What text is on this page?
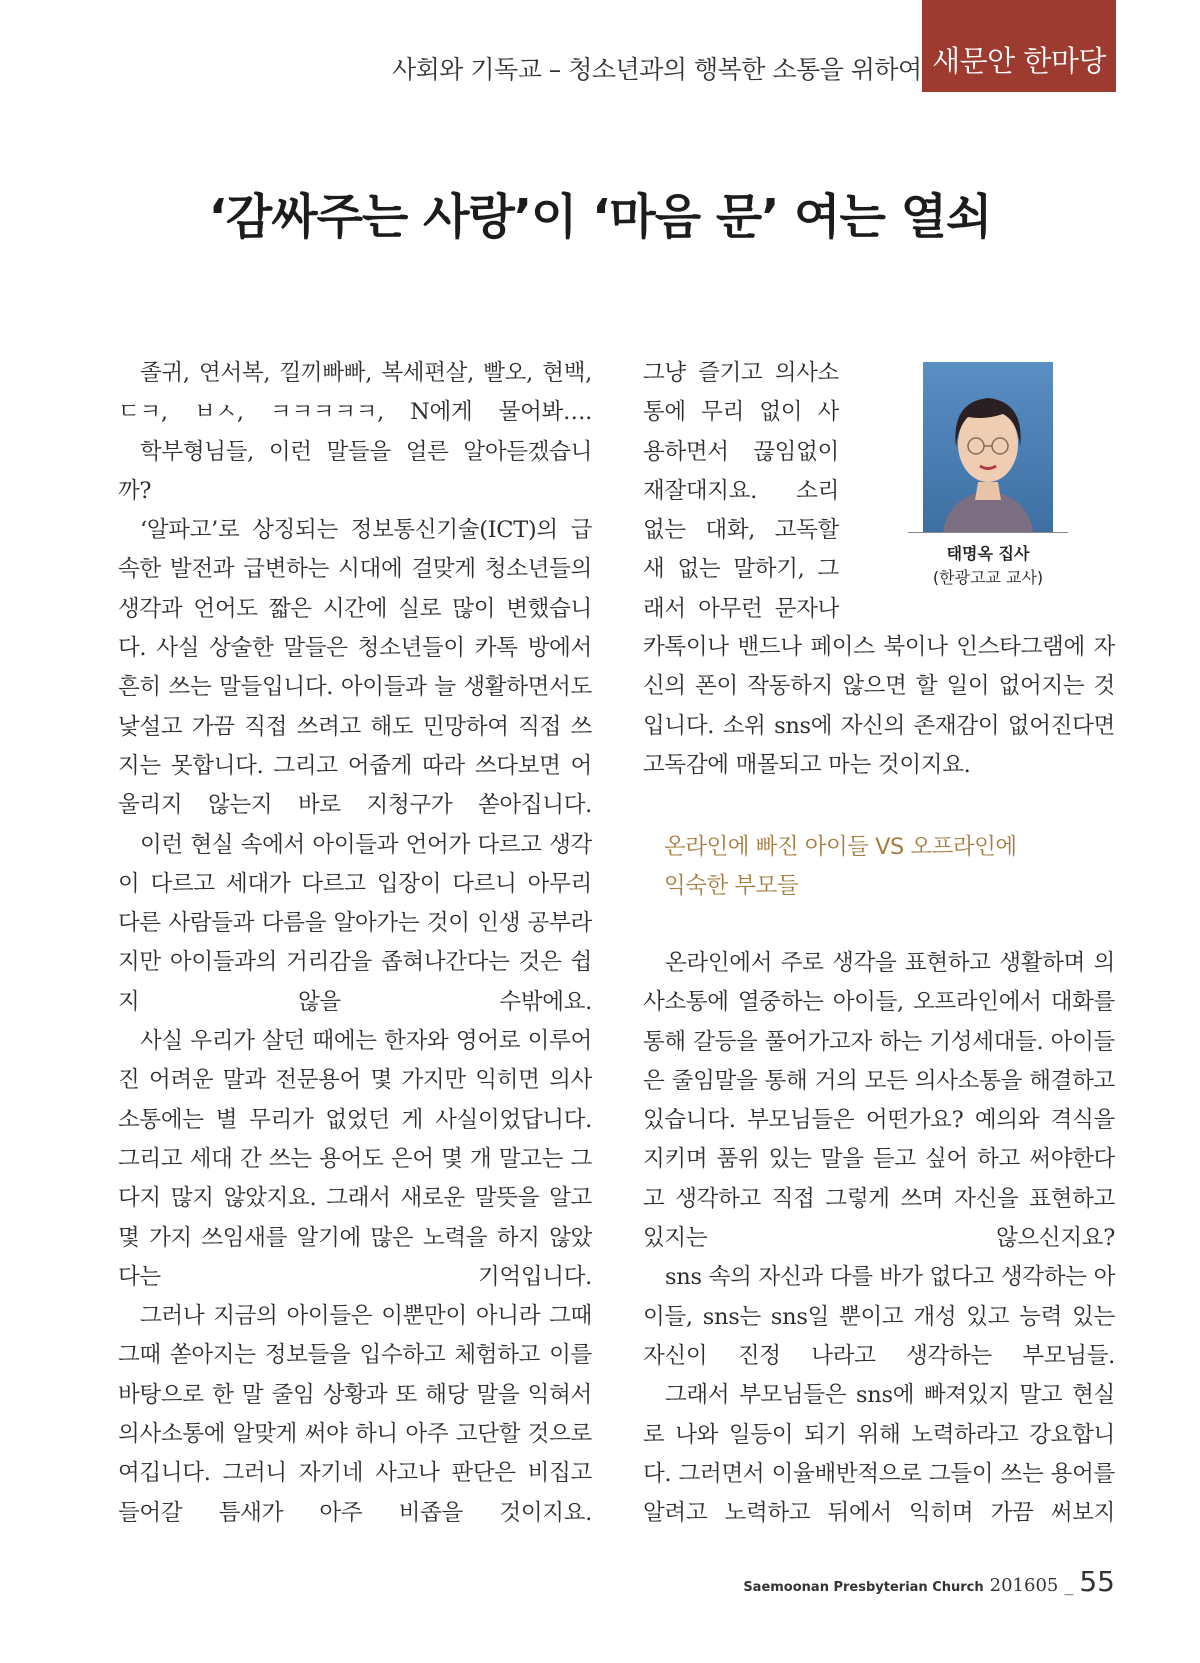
사회와 기독교 – 청소년과의 행복한 소통을 위하여 새문안 한마당
‘감싸주는 사랑’이 ‘마음 문’ 여는 열쇠

졸귀, 연서복, 낄끼빠빠, 복세편살, 빨오, 현백, ㄷㅋ, ㅂㅅ, ㅋㅋㅋㅋㅋ, N에게 물어봐….

학부형님들, 이런 말들을 얼른 알아듣겠습니까?

‘알파고’로 상징되는 정보통신기술(ICT)의 급속한 발전과 급변하는 시대에 걸맞게 청소년들의 생각과 언어도 짧은 시간에 실로 많이 변했습니다. 사실 상술한 말들은 청소년들이 카톡 방에서 흔히 쓰는 말들입니다. 아이들과 늘 생활하면서도 낯설고 가끔 직접 쓰려고 해도 민망하여 직접 쓰지는 못합니다. 그리고 어줍게 따라 쓰다보면 어울리지 않는지 바로 지청구가 쏟아집니다.

이런 현실 속에서 아이들과 언어가 다르고 생각이 다르고 세대가 다르고 입장이 다르니 아무리 다른 사람들과 다름을 알아가는 것이 인생 공부라지만 아이들과의 거리감을 좁혀나간다는 것은 쉽지 않을 수밖에요.

사실 우리가 살던 때에는 한자와 영어로 이루어진 어려운 말과 전문용어 몇 가지만 익히면 의사소통에는 별 무리가 없었던 게 사실이었답니다. 그리고 세대 간 쓰는 용어도 은어 몇 개 말고는 그다지 많지 않았지요. 그래서 새로운 말뜻을 알고 몇 가지 쓰임새를 알기에 많은 노력을 하지 않았다는 기억입니다.

그러나 지금의 아이들은 이뿐만이 아니라 그때그때 쏟아지는 정보들을 입수하고 체험하고 이를 바탕으로 한 말 줄임 상황과 또 해당 말을 익혀서 의사소통에 알맞게 써야 하니 아주 고단할 것으로 여깁니다. 그러니 자기네 사고나 판단은 비집고 들어갈 틈새가 아주 비좁을 것이지요.

그냥 즐기고 의사소

통에 무리 없이 사

용하면서 끊임없이

재잘대지요. 소리

없는 대화, 고독할

새 없는 말하기, 그

래서 아무런 문자나

태명옥 집사
(한광고교 교사)

카톡이나 밴드나 페이스 북이나 인스타그램에 자신의 폰이 작동하지 않으면 할 일이 없어지는 것입니다. 소위 sns에 자신의 존재감이 없어진다면 고독감에 매몰되고 마는 것이지요.

온라인에 빠진 아이들 VS 오프라인에
익숙한 부모들

온라인에서 주로 생각을 표현하고 생활하며 의사소통에 열중하는 아이들, 오프라인에서 대화를 통해 갈등을 풀어가고자 하는 기성세대들. 아이들은 줄임말을 통해 거의 모든 의사소통을 해결하고 있습니다. 부모님들은 어떤가요? 예의와 격식을 지키며 품위 있는 말을 듣고 싶어 하고 써야한다고 생각하고 직접 그렇게 쓰며 자신을 표현하고 있지는 않으신지요?

sns 속의 자신과 다를 바가 없다고 생각하는 아이들, sns는 sns일 뿐이고 개성 있고 능력 있는 자신이 진정 나라고 생각하는 부모님들.

그래서 부모님들은 sns에 빠져있지 말고 현실로 나와 일등이 되기 위해 노력하라고 강요합니다. 그러면서 이율배반적으로 그들이 쓰는 용어를 알려고 노력하고 뒤에서 익히며 가끔 써보지

Saemoonan Presbyterian Church 201605 _ 55
